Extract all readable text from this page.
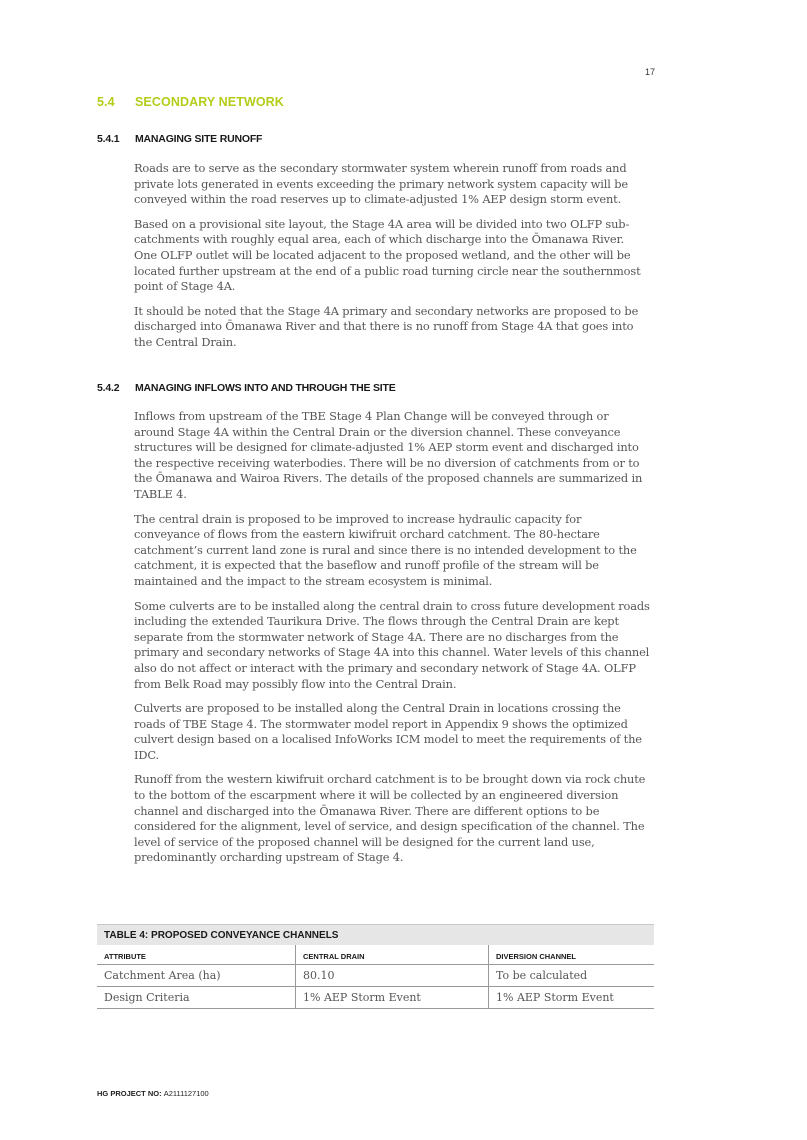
17
5.4 SECONDARY NETWORK
5.4.1 MANAGING SITE RUNOFF

Roads are to serve as the secondary stormwater system wherein runoff from roads and private lots generated in events exceeding the primary network system capacity will be conveyed within the road reserves up to climate-adjusted 1% AEP design storm event.

Based on a provisional site layout, the Stage 4A area will be divided into two OLFP sub-catchments with roughly equal area, each of which discharge into the Ōmanawa River. One OLFP outlet will be located adjacent to the proposed wetland, and the other will be located further upstream at the end of a public road turning circle near the southernmost point of Stage 4A.

It should be noted that the Stage 4A primary and secondary networks are proposed to be discharged into Ōmanawa River and that there is no runoff from Stage 4A that goes into the Central Drain.

5.4.2 MANAGING INFLOWS INTO AND THROUGH THE SITE

Inflows from upstream of the TBE Stage 4 Plan Change will be conveyed through or around Stage 4A within the Central Drain or the diversion channel. These conveyance structures will be designed for climate-adjusted 1% AEP storm event and discharged into the respective receiving waterbodies. There will be no diversion of catchments from or to the Ōmanawa and Wairoa Rivers. The details of the proposed channels are summarized in TABLE 4.

The central drain is proposed to be improved to increase hydraulic capacity for conveyance of flows from the eastern kiwifruit orchard catchment. The 80-hectare catchment’s current land zone is rural and since there is no intended development to the catchment, it is expected that the baseflow and runoff profile of the stream will be maintained and the impact to the stream ecosystem is minimal.

Some culverts are to be installed along the central drain to cross future development roads including the extended Taurikura Drive. The flows through the Central Drain are kept separate from the stormwater network of Stage 4A. There are no discharges from the primary and secondary networks of Stage 4A into this channel. Water levels of this channel also do not affect or interact with the primary and secondary network of Stage 4A. OLFP from Belk Road may possibly flow into the Central Drain.

Culverts are proposed to be installed along the Central Drain in locations crossing the roads of TBE Stage 4. The stormwater model report in Appendix 9 shows the optimized culvert design based on a localised InfoWorks ICM model to meet the requirements of the IDC.

Runoff from the western kiwifruit orchard catchment is to be brought down via rock chute to the bottom of the escarpment where it will be collected by an engineered diversion channel and discharged into the Ōmanawa River. There are different options to be considered for the alignment, level of service, and design specification of the channel. The level of service of the proposed channel will be designed for the current land use, predominantly orcharding upstream of Stage 4.

TABLE 4: PROPOSED CONVEYANCE CHANNELS
ATTRIBUTE	CENTRAL DRAIN	DIVERSION CHANNEL
Catchment Area (ha)	80.10	To be calculated
Design Criteria	1% AEP Storm Event	1% AEP Storm Event
HG PROJECT NO: A2111127100
